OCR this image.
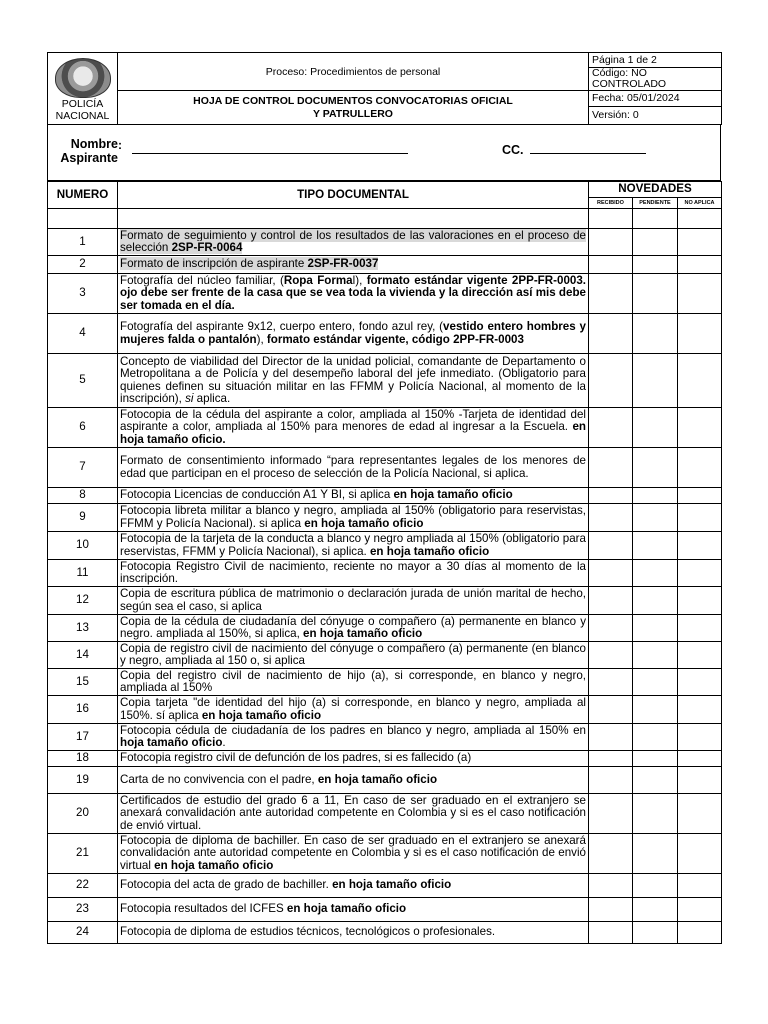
POLICÍA
NACIONAL	Proceso: Procedimientos de personal	Página 1 de 2
		Código: NO CONTROLADO
	HOJA DE CONTROL DOCUMENTOS CONVOCATORIAS OFICIAL
Y PATRULLERO	Fecha: 05/01/2024
		Versión: 0
Nombre
Aspirante
:	CC.
NUMERO	TIPO DOCUMENTAL	NOVEDADES		
		RECIBIDO	PENDIENTE	NO APLICA

1	Formato de seguimiento y control de los resultados de las valoraciones en el proceso de selección 2SP-FR-0064			
2	Formato de inscripción de aspirante 2SP-FR-0037			
3	Fotografía del núcleo familiar, (Ropa Formal), formato estándar vigente 2PP-FR-0003. ojo debe ser frente de la casa que se vea toda la vivienda y la dirección así mis debe ser tomada en el día.			
4	Fotografía del aspirante 9x12, cuerpo entero, fondo azul rey, (vestido entero hombres y mujeres falda o pantalón), formato estándar vigente, código 2PP-FR-0003			
5	Concepto de viabilidad del Director de la unidad policial, comandante de Departamento o Metropolitana a de Policía y del desempeño laboral del jefe inmediato. (Obligatorio para quienes definen su situación militar en las FFMM y Policía Nacional, al momento de la inscripción), si aplica.			
6	Fotocopia de la cédula del aspirante a color, ampliada al 150% -Tarjeta de identidad del aspirante a color, ampliada al 150% para menores de edad al ingresar a la Escuela. en hoja tamaño oficio.			
7	Formato de consentimiento informado “para representantes legales de los menores de edad que participan en el proceso de selección de la Policía Nacional, si aplica.			
8	Fotocopia Licencias de conducción A1 Y BI, si aplica en hoja tamaño oficio			
9	Fotocopia libreta militar a blanco y negro, ampliada al 150% (obligatorio para reservistas, FFMM y Policía Nacional). si aplica en hoja tamaño oficio			
10	Fotocopia de la tarjeta de la conducta a blanco y negro ampliada al 150% (obligatorio para reservistas, FFMM y Policía Nacional), si aplica. en hoja tamaño oficio			
11	Fotocopia Registro Civil de nacimiento, reciente no mayor a 30 días al momento de la inscripción.			
12	Copia de escritura pública de matrimonio o declaración jurada de unión marital de hecho, según sea el caso, si aplica			
13	Copia de la cédula de ciudadanía del cónyuge o compañero (a) permanente en blanco y negro. ampliada al 150%, si aplica, en hoja tamaño oficio			
14	Copia de registro civil de nacimiento del cónyuge o compañero (a) permanente (en blanco y negro, ampliada al 150 o, si aplica			
15	Copia del registro civil de nacimiento de hijo (a), si corresponde, en blanco y negro, ampliada al 150%			
16	Copia tarjeta "de identidad del hijo (a) si corresponde, en blanco y negro, ampliada al 150%. sí aplica en hoja tamaño oficio			
17	Fotocopia cédula de ciudadanía de los padres en blanco y negro, ampliada al 150% en hoja tamaño oficio.			
18	Fotocopia registro civil de defunción de los padres, si es fallecido (a)			
19	Carta de no convivencia con el padre, en hoja tamaño oficio			
20	Certificados de estudio del grado 6 a 11, En caso de ser graduado en el extranjero se anexará convalidación ante autoridad competente en Colombia y si es el caso notificación de envió virtual.			
21	Fotocopia de diploma de bachiller. En caso de ser graduado en el extranjero se anexará convalidación ante autoridad competente en Colombia y si es el caso notificación de envió virtual en hoja tamaño oficio			
22	Fotocopia del acta de grado de bachiller. en hoja tamaño oficio			
23	Fotocopia resultados del ICFES en hoja tamaño oficio			
24	Fotocopia de diploma de estudios técnicos, tecnológicos o profesionales.			
